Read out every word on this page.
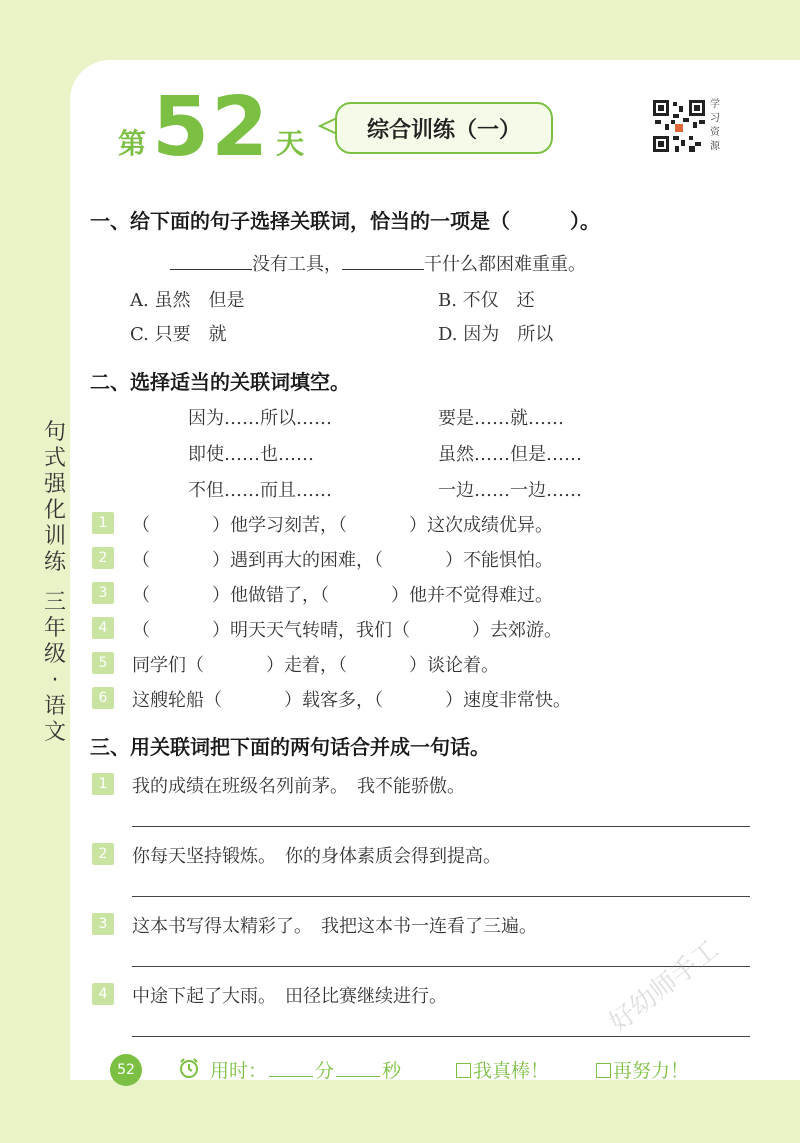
第 52 天	综合训练（一）
学
习
资
源
句
式
强
化
训
练
三
年
级
·
语
文
一、给下面的句子选择关联词，恰当的一项是（　　　）。
没有工具，	干什么都困难重重。
A. 虽然　但是	B. 不仅　还
C. 只要　就	D. 因为　所以
二、选择适当的关联词填空。
因为……所以……	要是……就……
即使……也……	虽然……但是……
不但……而且……	一边……一边……
1	（	）他学习刻苦，（	）这次成绩优异。
2	（	）遇到再大的困难，（	）不能惧怕。
3	（	）他做错了，（	）他并不觉得难过。
4	（	）明天天气转晴，我们（	）去郊游。
5	同学们（	）走着，（	）谈论着。
6	这艘轮船（	）载客多，（	）速度非常快。
三、用关联词把下面的两句话合并成一句话。
1	我的成绩在班级名列前茅。　我不能骄傲。
2	你每天坚持锻炼。　你的身体素质会得到提高。
3	这本书写得太精彩了。　我把这本书一连看了三遍。
4	中途下起了大雨。　田径比赛继续进行。	好幼师手工
52	用时：	分	秒	我真棒！	再努力！
